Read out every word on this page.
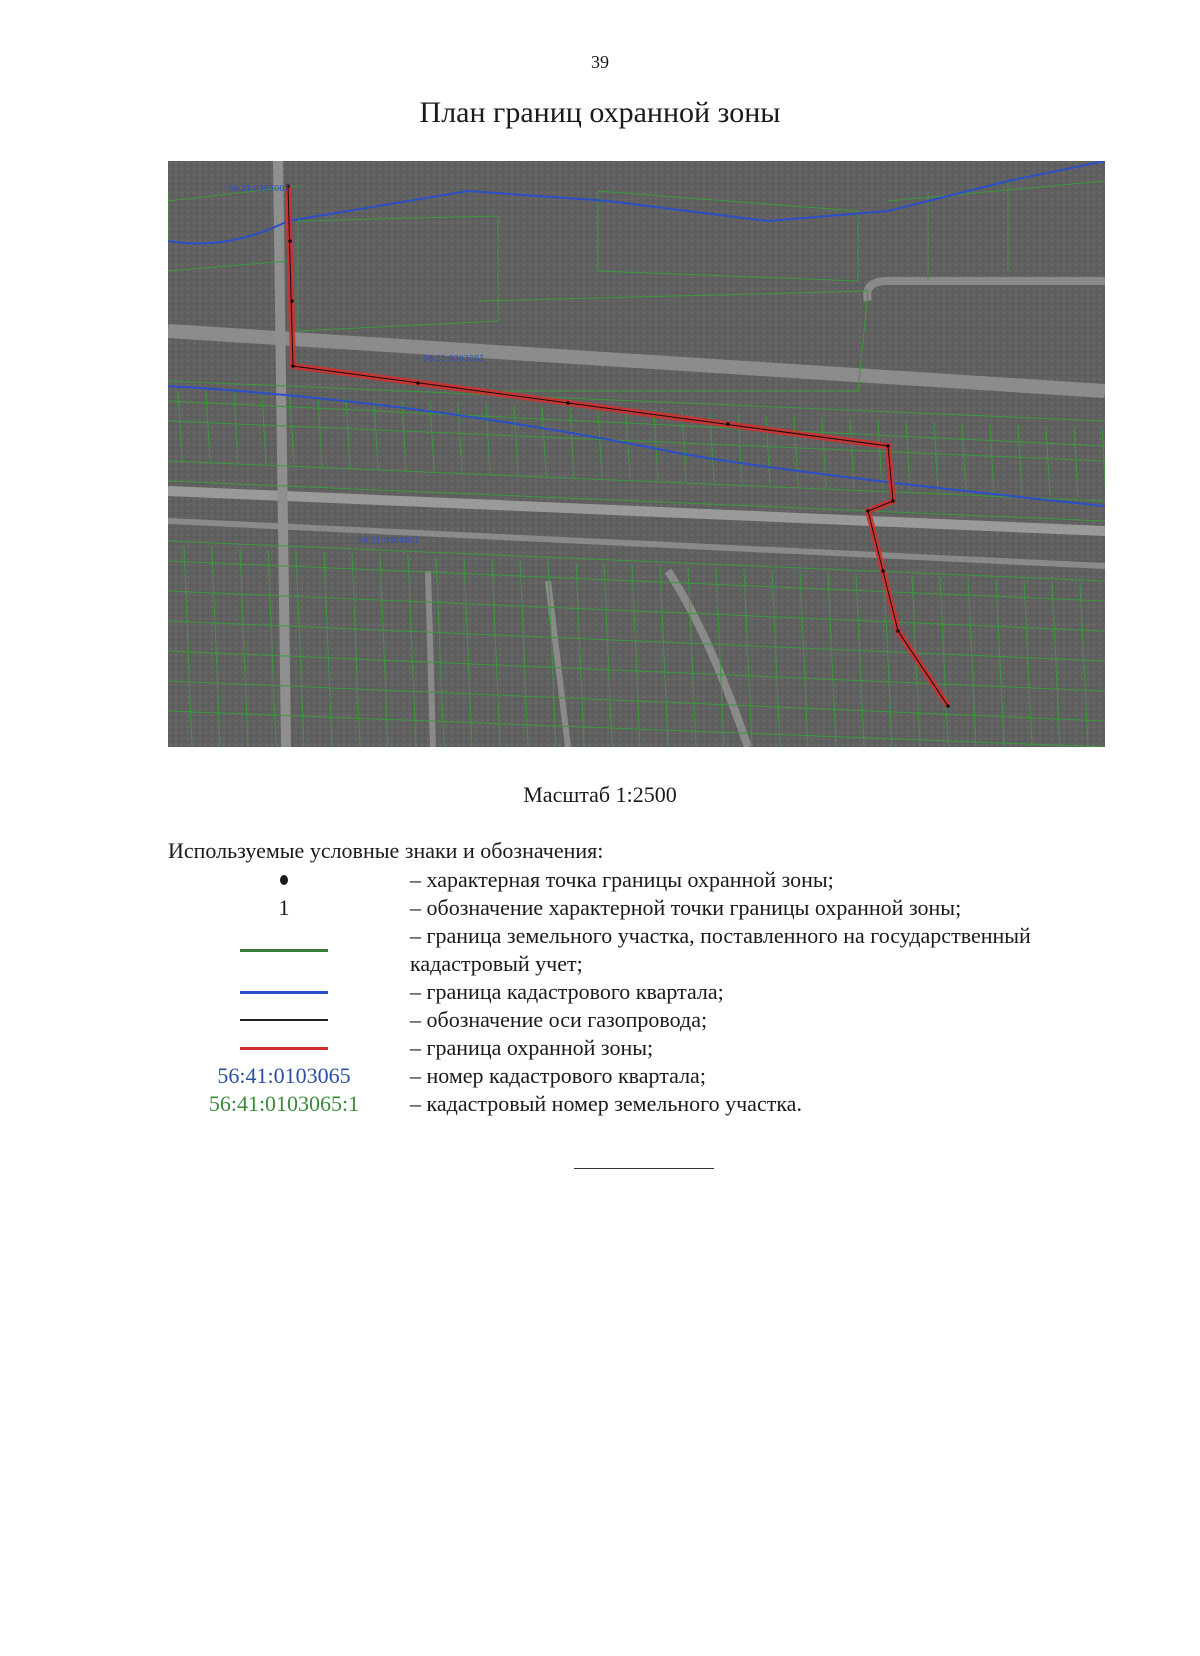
39
План границ охранной зоны
56:21:0303007
56:21:0302001
56:21:0304001
Масштаб 1:2500
Используемые условные знаки и обозначения:
– характерная точка границы охранной зоны;
1	– обозначение характерной точки границы охранной зоны;
– граница земельного участка, поставленного на государственный кадастровый учет;
– граница кадастрового квартала;
– обозначение оси газопровода;
– граница охранной зоны;
56:41:0103065	– номер кадастрового квартала;
56:41:0103065:1	– кадастровый номер земельного участка.
